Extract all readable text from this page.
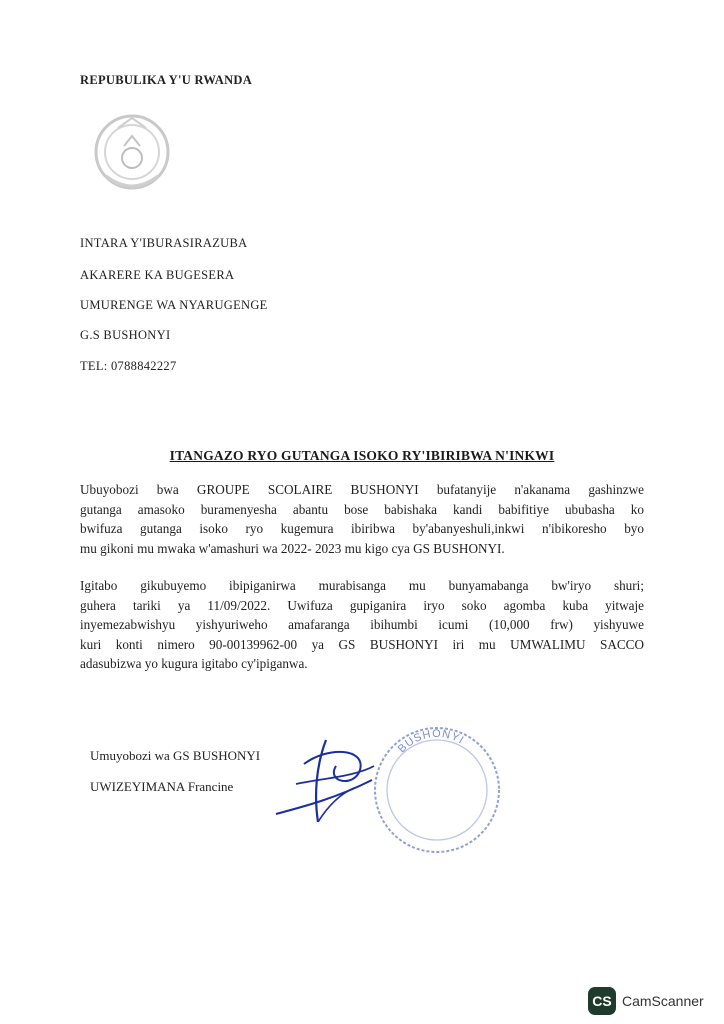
REPUBULIKA Y'U RWANDA
INTARA Y'IBURASIRAZUBA
AKARERE KA BUGESERA
UMURENGE WA NYARUGENGE
G.S BUSHONYI
TEL: 0788842227
ITANGAZO RYO GUTANGA ISOKO RY'IBIRIBWA N'INKWI
Ubuyobozi bwa GROUPE SCOLAIRE BUSHONYI bufatanyije n'akanama gashinzwe
gutanga amasoko buramenyesha abantu bose babishaka kandi babifitiye ububasha ko
bwifuza gutanga isoko ryo kugemura ibiribwa by'abanyeshuli,inkwi n'ibikoresho byo
mu gikoni mu mwaka w'amashuri wa 2022- 2023 mu kigo cya GS BUSHONYI.
Igitabo gikubuyemo ibipiganirwa murabisanga mu bunyamabanga bw'iryo shuri;
guhera tariki ya 11/09/2022. Uwifuza gupiganira iryo soko agomba kuba yitwaje
inyemezabwishyu yishyuriweho amafaranga ibihumbi icumi (10,000 frw) yishyuwe
kuri konti nimero 90-00139962-00 ya GS BUSHONYI iri mu UMWALIMU SACCO
adasubizwa yo kugura igitabo cy'ipiganwa.
BUSHONYI
Umuyobozi wa GS BUSHONYI
UWIZEYIMANA Francine
CS CamScanner
